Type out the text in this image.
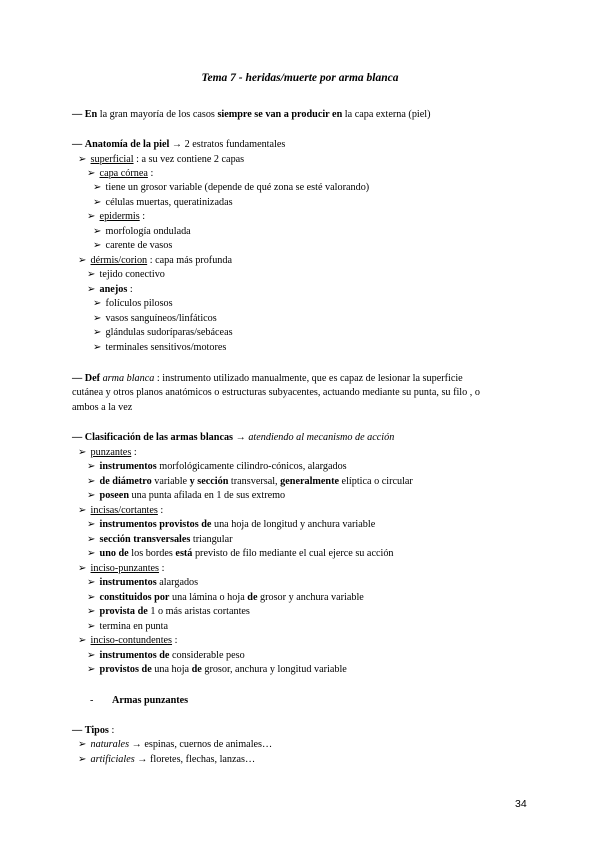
Tema 7 - heridas/muerte por arma blanca
— En la gran mayoría de los casos siempre se van a producir en la capa externa (piel)
— Anatomía de la piel → 2 estratos fundamentales
➢ superficial : a su vez contiene 2 capas
➢ capa córnea :
➢ tiene un grosor variable (depende de qué zona se esté valorando)
➢ células muertas, queratinizadas
➢ epidermis :
➢ morfología ondulada
➢ carente de vasos
➢ dérmis/corion : capa más profunda
➢ tejido conectivo
➢ anejos :
➢ folículos pilosos
➢ vasos sanguíneos/linfáticos
➢ glándulas sudoríparas/sebáceas
➢ terminales sensitivos/motores
— Def arma blanca : instrumento utilizado manualmente, que es capaz de lesionar la superficie
cutánea y otros planos anatómicos o estructuras subyacentes, actuando mediante su punta, su filo , o
ambos a la vez
— Clasificación de las armas blancas → atendiendo al mecanismo de acción
➢ punzantes :
➢ instrumentos morfológicamente cilindro-cónicos, alargados
➢ de diámetro variable y sección transversal, generalmente elíptica o circular
➢ poseen una punta afilada en 1 de sus extremo
➢ incisas/cortantes :
➢ instrumentos provistos de una hoja de longitud y anchura variable
➢ sección transversales triangular
➢ uno de los bordes está previsto de filo mediante el cual ejerce su acción
➢ inciso-punzantes :
➢ instrumentos alargados
➢ constituidos por una lámina o hoja de grosor y anchura variable
➢ provista de 1 o más aristas cortantes
➢ termina en punta
➢ inciso-contundentes :
➢ instrumentos de considerable peso
➢ provistos de una hoja de grosor, anchura y longitud variable
- Armas punzantes
— Tipos :
➢ naturales → espinas, cuernos de animales…
➢ artificiales → floretes, flechas, lanzas…
34
